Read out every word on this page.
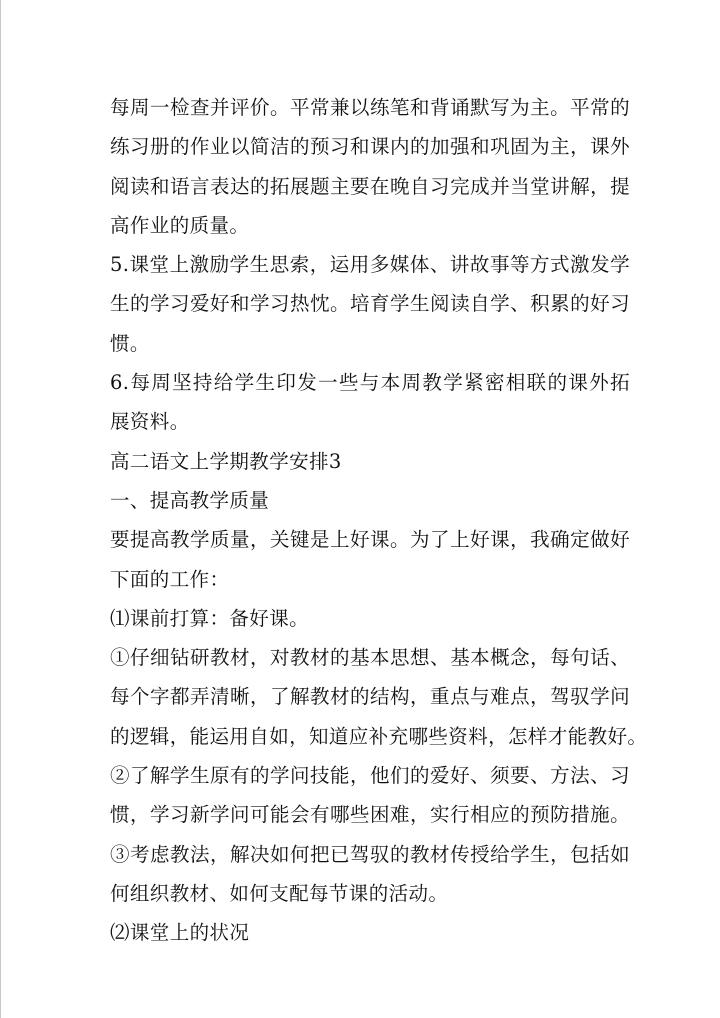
每周一检查并评价。平常兼以练笔和背诵默写为主。平常的
练习册的作业以简洁的预习和课内的加强和巩固为主，课外
阅读和语言表达的拓展题主要在晚自习完成并当堂讲解，提
高作业的质量。
5.课堂上激励学生思索，运用多媒体、讲故事等方式激发学
生的学习爱好和学习热忱。培育学生阅读自学、积累的好习
惯。
6.每周坚持给学生印发一些与本周教学紧密相联的课外拓
展资料。
高二语文上学期教学安排3
一、提高教学质量
要提高教学质量，关键是上好课。为了上好课，我确定做好
下面的工作：
⑴课前打算：备好课。
①仔细钻研教材，对教材的基本思想、基本概念，每句话、
每个字都弄清晰，了解教材的结构，重点与难点，驾驭学问
的逻辑，能运用自如，知道应补充哪些资料，怎样才能教好。
②了解学生原有的学问技能，他们的爱好、须要、方法、习
惯，学习新学问可能会有哪些困难，实行相应的预防措施。
③考虑教法，解决如何把已驾驭的教材传授给学生，包括如
何组织教材、如何支配每节课的活动。
⑵课堂上的状况
